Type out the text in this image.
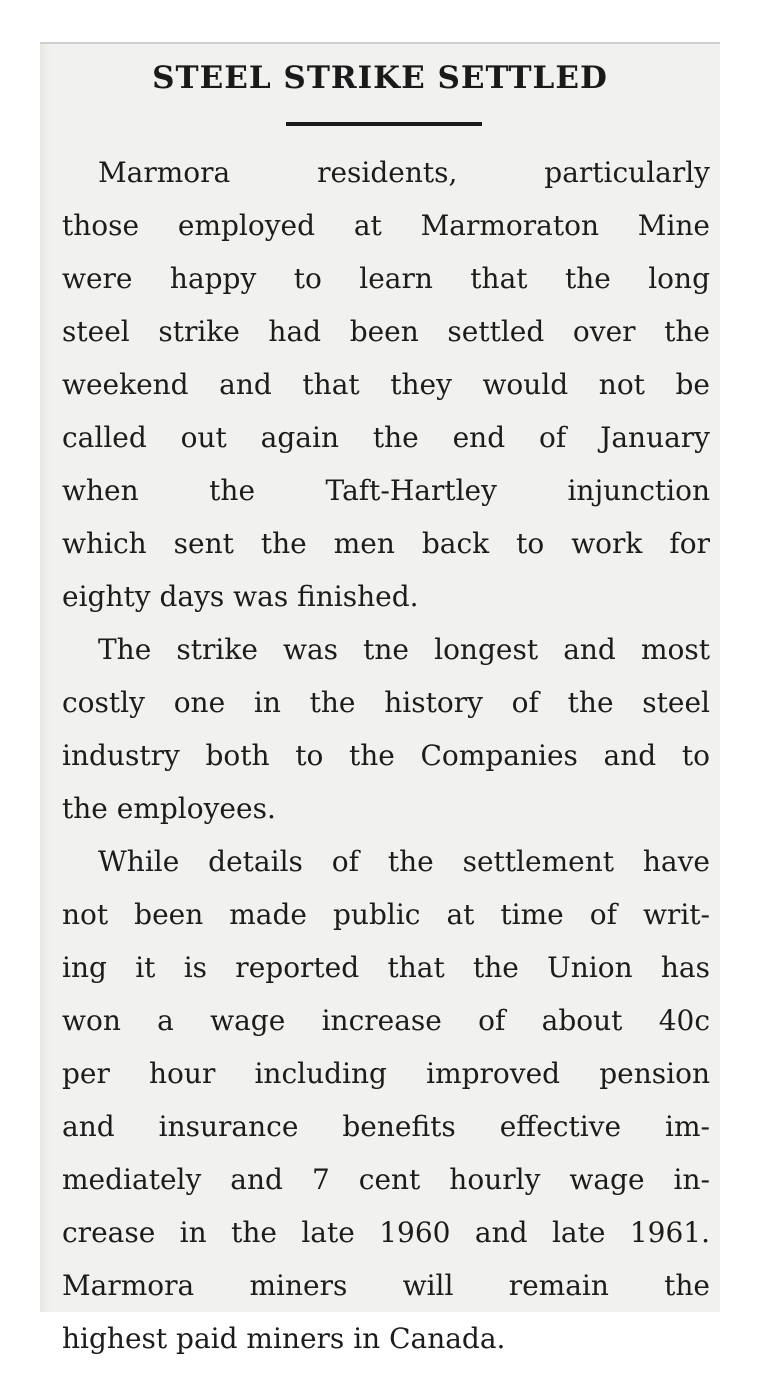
STEEL STRIKE SETTLED
Marmora residents, particularly
those employed at Marmoraton Mine
were happy to learn that the long
steel strike had been settled over the
weekend and that they would not be
called out again the end of January
when the Taft-Hartley injunction
which sent the men back to work for
eighty days was finished.
The strike was tne longest and most
costly one in the history of the steel
industry both to the Companies and to
the employees.
While details of the settlement have
not been made public at time of writ-
ing it is reported that the Union has
won a wage increase of about 40c
per hour including improved pension
and insurance benefits effective im-
mediately and 7 cent hourly wage in-
crease in the late 1960 and late 1961.
Marmora miners will remain the
highest paid miners in Canada.
